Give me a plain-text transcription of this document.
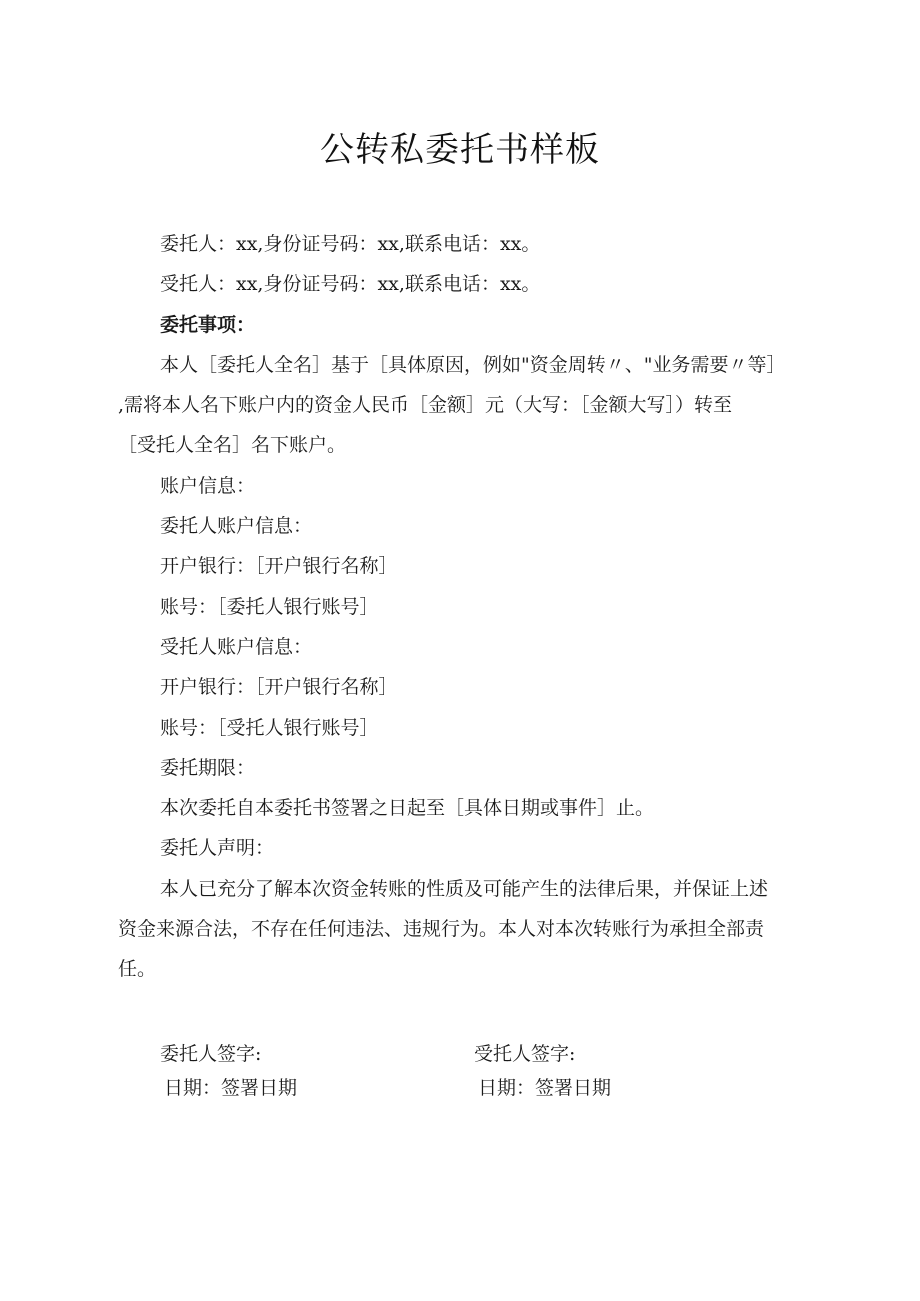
公转私委托书样板
委托人：xx,身份证号码：xx,联系电话：xx。
受托人：xx,身份证号码：xx,联系电话：xx。
委托事项：
本人［委托人全名］基于［具体原因，例如"资金周转〃、"业务需要〃等］
,需将本人名下账户内的资金人民币［金额］元（大写：［金额大写］）转至
［受托人全名］名下账户。
账户信息：
委托人账户信息：
开户银行：［开户银行名称］
账号：［委托人银行账号］
受托人账户信息：
开户银行：［开户银行名称］
账号：［受托人银行账号］
委托期限：
本次委托自本委托书签署之日起至［具体日期或事件］止。
委托人声明：
本人已充分了解本次资金转账的性质及可能产生的法律后果，并保证上述
资金来源合法，不存在任何违法、违规行为。本人对本次转账行为承担全部责
任。
委托人签字:
日期：签署日期
受托人签字:
日期：签署日期
